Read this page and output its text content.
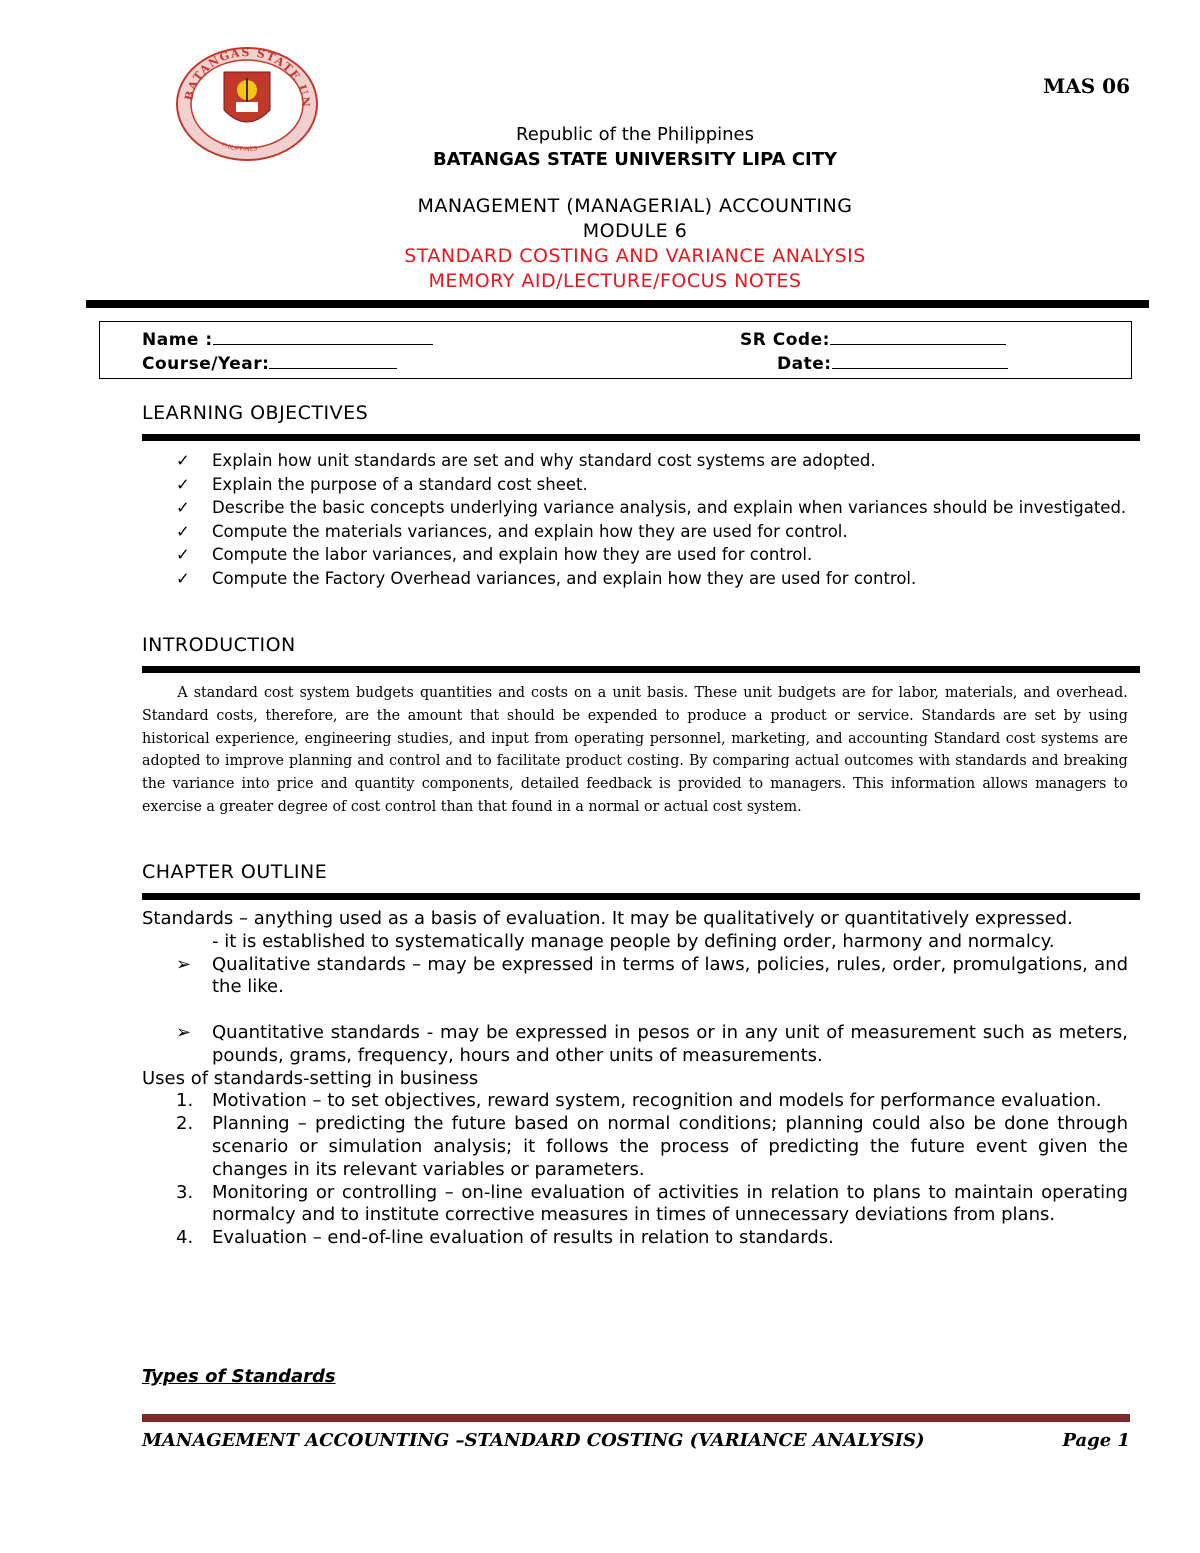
BATANGAS STATE UN
PHILIPPINES
MAS 06
Republic of the Philippines
BATANGAS STATE UNIVERSITY LIPA CITY
MANAGEMENT (MANAGERIAL) ACCOUNTING
MODULE 6
STANDARD COSTING AND VARIANCE ANALYSIS
MEMORY AID/LECTURE/FOCUS NOTES
Name :	SR Code:
Course/Year:	Date:
LEARNING OBJECTIVES
✓ Explain how unit standards are set and why standard cost systems are adopted.
✓ Explain the purpose of a standard cost sheet.
✓ Describe the basic concepts underlying variance analysis, and explain when variances should be investigated.
✓ Compute the materials variances, and explain how they are used for control.
✓ Compute the labor variances, and explain how they are used for control.
✓ Compute the Factory Overhead variances, and explain how they are used for control.
INTRODUCTION
A standard cost system budgets quantities and costs on a unit basis. These unit budgets are for labor, materials, and overhead. Standard costs, therefore, are the amount that should be expended to produce a product or service. Standards are set by using historical experience, engineering studies, and input from operating personnel, marketing, and accounting Standard cost systems are adopted to improve planning and control and to facilitate product costing. By comparing actual outcomes with standards and breaking the variance into price and quantity components, detailed feedback is provided to managers. This information allows managers to exercise a greater degree of cost control than that found in a normal or actual cost system.
CHAPTER OUTLINE

Standards – anything used as a basis of evaluation. It may be qualitatively or quantitatively expressed.

- it is established to systematically manage people by defining order, harmony and normalcy.

➢ Qualitative standards – may be expressed in terms of laws, policies, rules, order, promulgations, and the like.

➢ Quantitative standards - may be expressed in pesos or in any unit of measurement such as meters, pounds, grams, frequency, hours and other units of measurements.

Uses of standards-setting in business

1. Motivation – to set objectives, reward system, recognition and models for performance evaluation.

2. Planning – predicting the future based on normal conditions; planning could also be done through scenario or simulation analysis; it follows the process of predicting the future event given the changes in its relevant variables or parameters.

3. Monitoring or controlling – on-line evaluation of activities in relation to plans to maintain operating normalcy and to institute corrective measures in times of unnecessary deviations from plans.

4. Evaluation – end-of-line evaluation of results in relation to standards.

Types of Standards
MANAGEMENT ACCOUNTING –STANDARD COSTING (VARIANCE ANALYSIS)	Page 1
